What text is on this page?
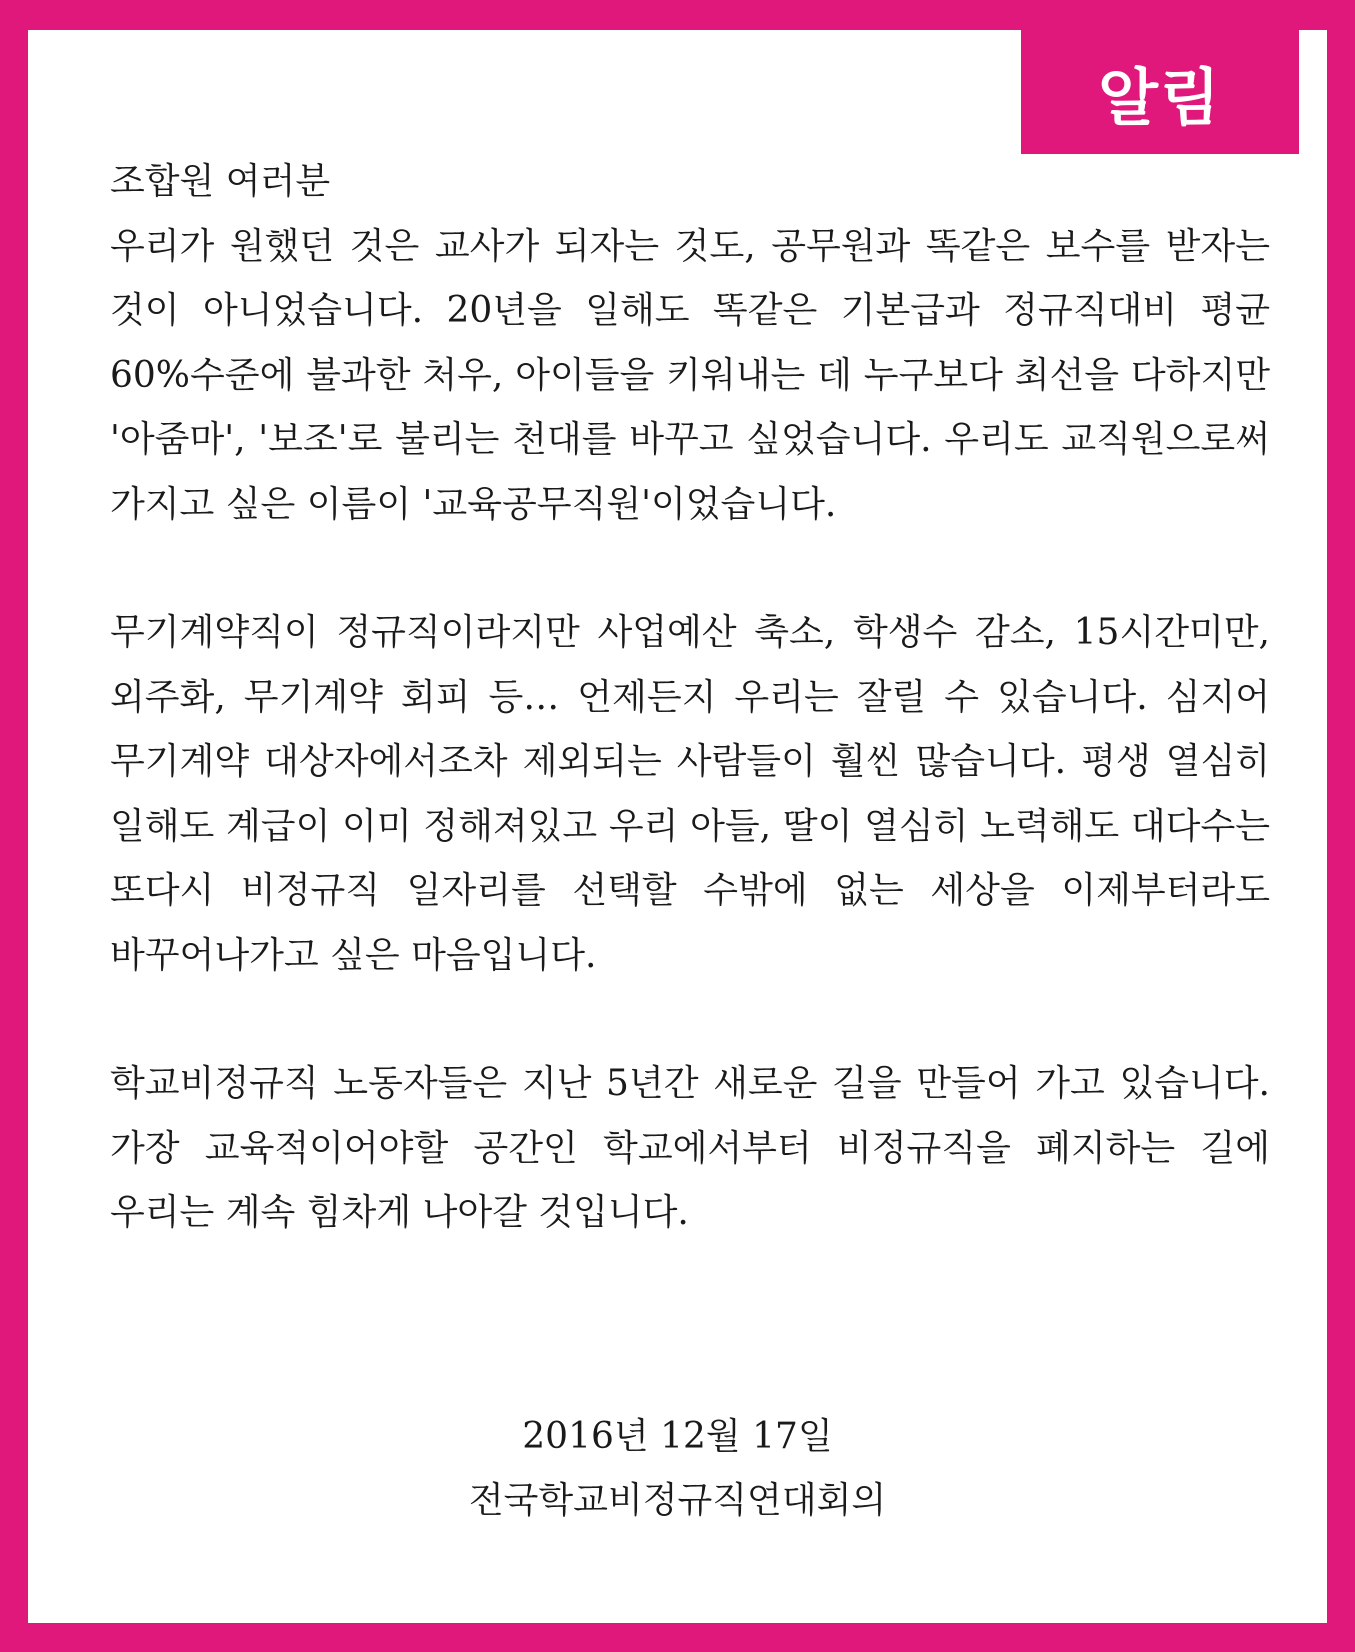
알림
조합원 여러분

우리가 원했던 것은 교사가 되자는 것도, 공무원과 똑같은 보수를 받자는 것이 아니었습니다. 20년을 일해도 똑같은 기본급과 정규직대비 평균 60%수준에 불과한 처우, 아이들을 키워내는 데 누구보다 최선을 다하지만 '아줌마', '보조'로 불리는 천대를 바꾸고 싶었습니다. 우리도 교직원으로써 가지고 싶은 이름이 '교육공무직원'이었습니다.

무기계약직이 정규직이라지만 사업예산 축소, 학생수 감소, 15시간미만, 외주화, 무기계약 회피 등… 언제든지 우리는 잘릴 수 있습니다. 심지어 무기계약 대상자에서조차 제외되는 사람들이 훨씬 많습니다. 평생 열심히 일해도 계급이 이미 정해져있고 우리 아들, 딸이 열심히 노력해도 대다수는 또다시 비정규직 일자리를 선택할 수밖에 없는 세상을 이제부터라도 바꾸어나가고 싶은 마음입니다.

학교비정규직 노동자들은 지난 5년간 새로운 길을 만들어 가고 있습니다. 가장 교육적이어야할 공간인 학교에서부터 비정규직을 폐지하는 길에 우리는 계속 힘차게 나아갈 것입니다.

2016년 12월 17일
전국학교비정규직연대회의
